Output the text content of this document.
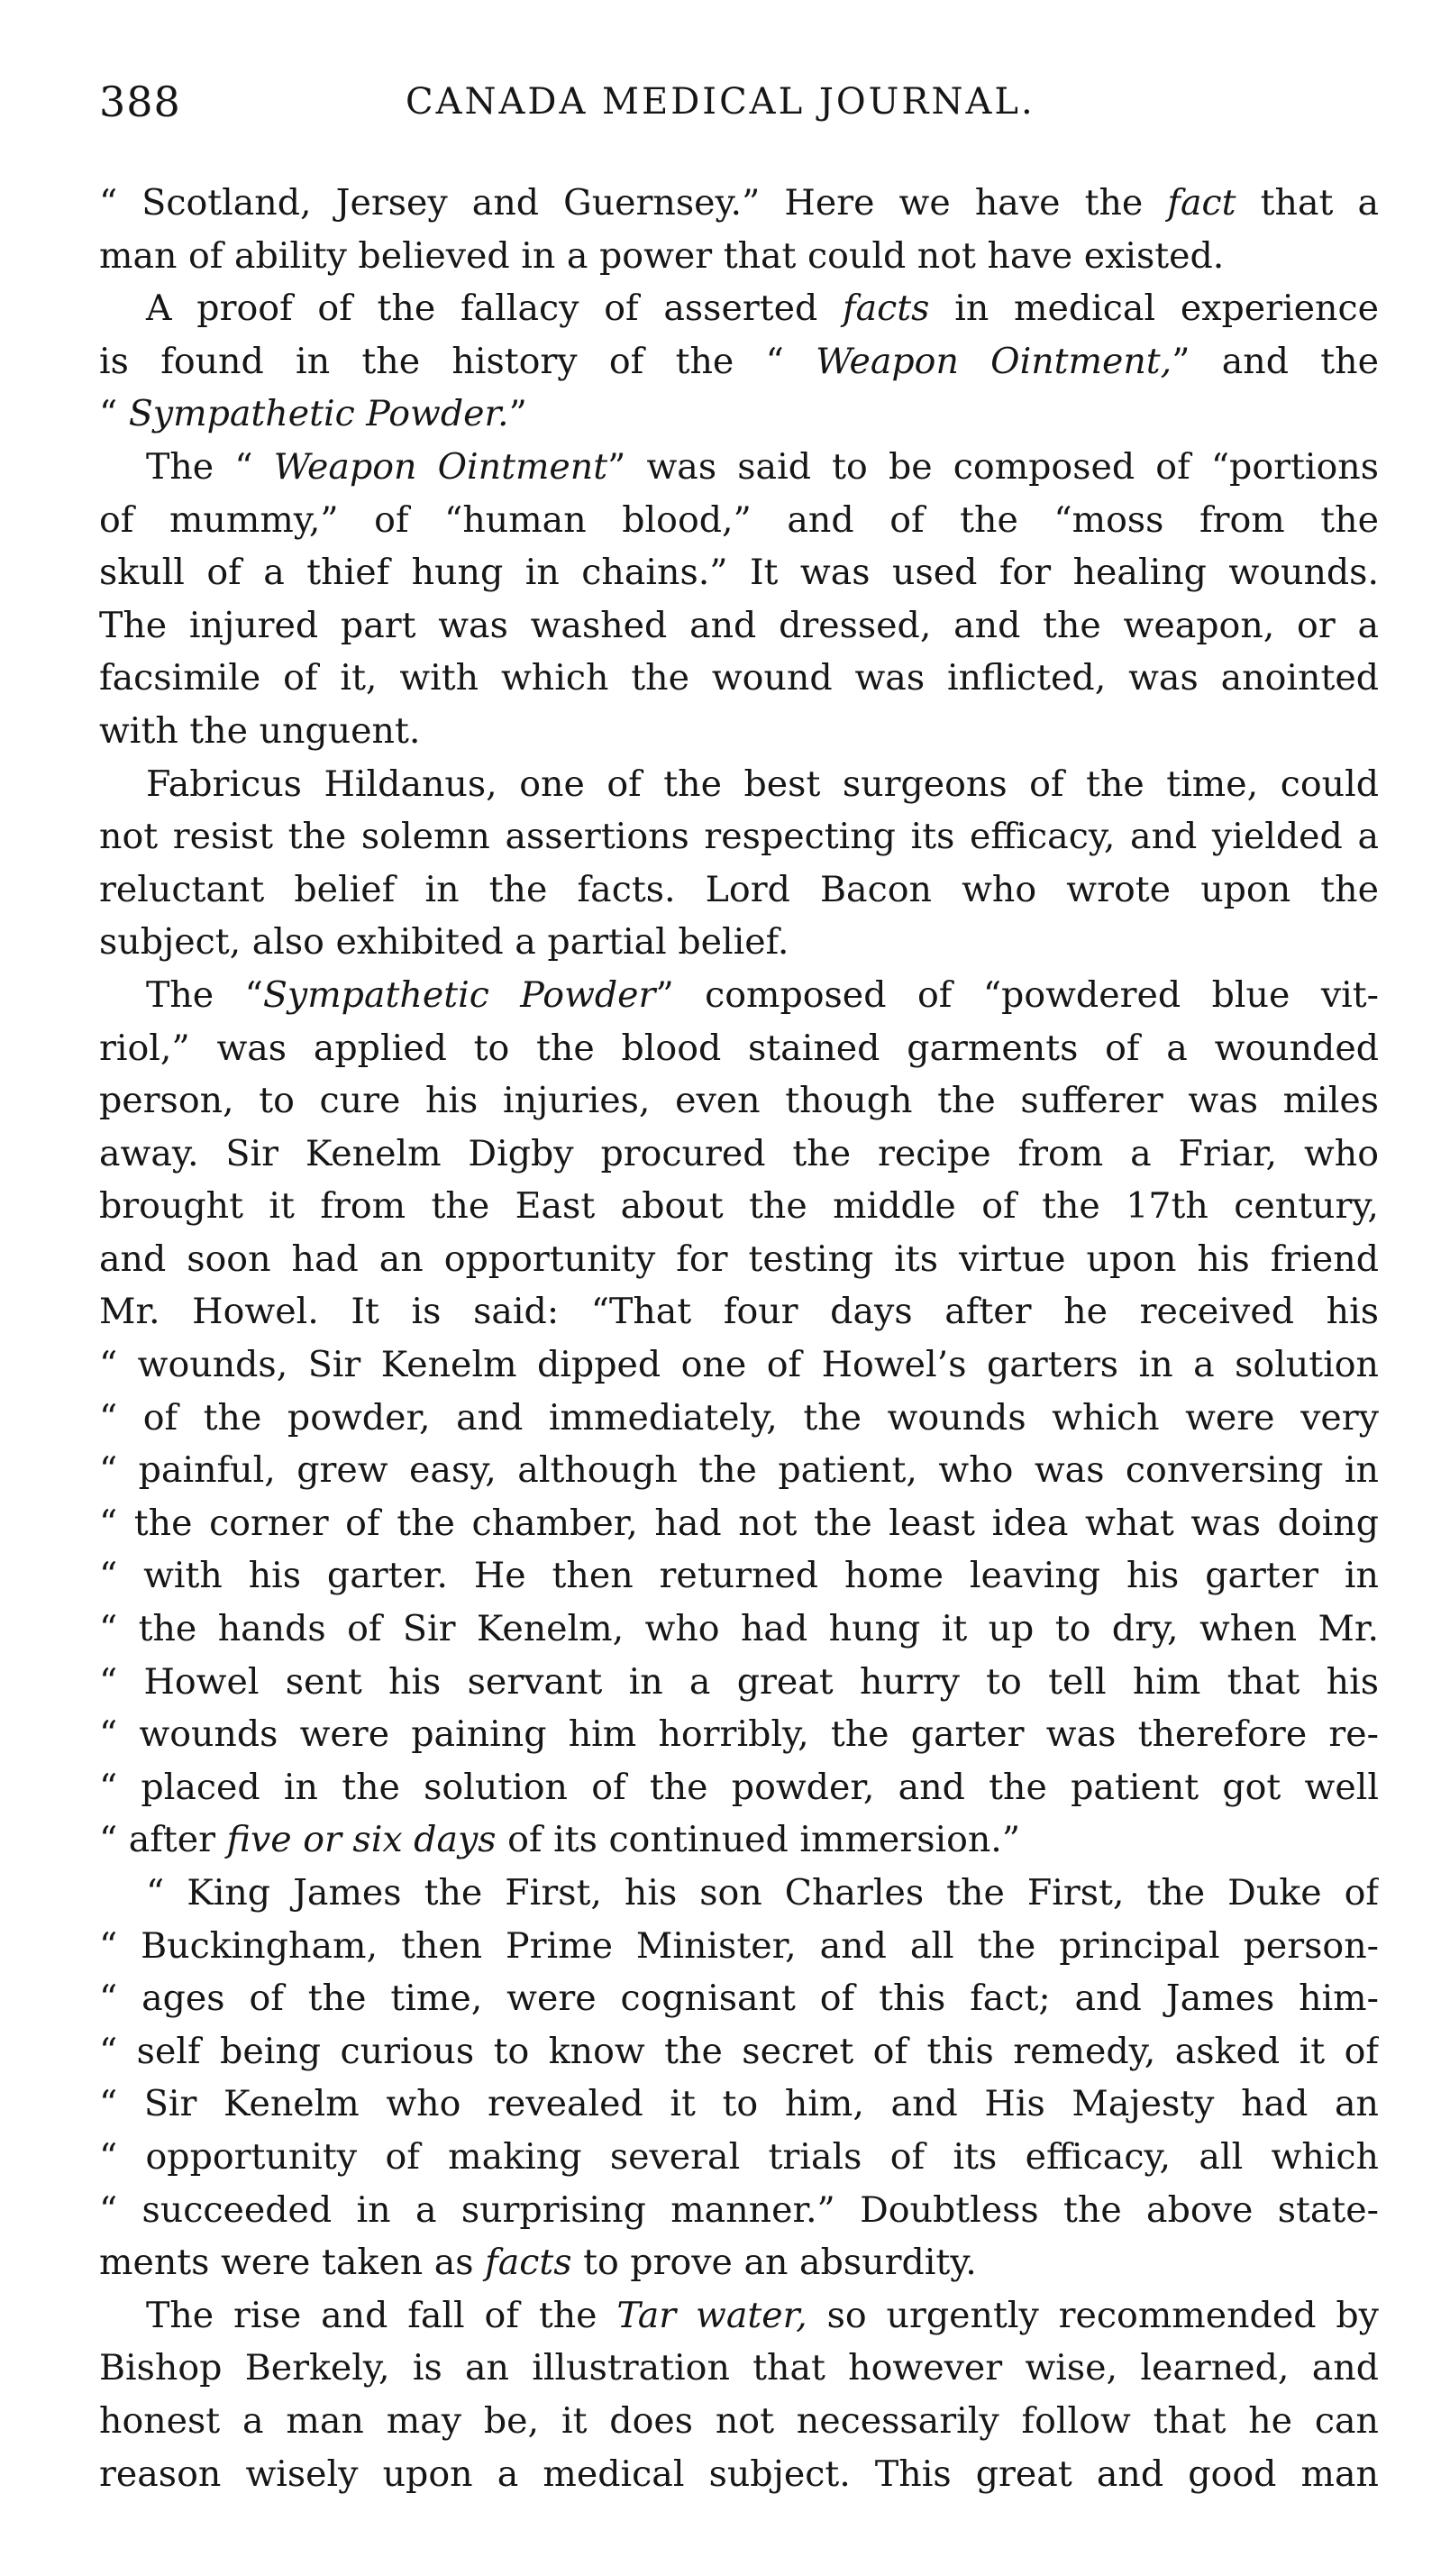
388	CANADA MEDICAL JOURNAL.
“ Scotland, Jersey and Guernsey.” Here we have the fact that a
man of ability believed in a power that could not have existed.
A proof of the fallacy of asserted facts in medical experience
is found in the history of the “ Weapon Ointment,” and the
“ Sympathetic Powder.”
The “ Weapon Ointment” was said to be composed of “portions
of mummy,” of “human blood,” and of the “moss from the
skull of a thief hung in chains.” It was used for healing wounds.
The injured part was washed and dressed, and the weapon, or a
facsimile of it, with which the wound was inflicted, was anointed
with the unguent.
Fabricus Hildanus, one of the best surgeons of the time, could
not resist the solemn assertions respecting its efficacy, and yielded a
reluctant belief in the facts. Lord Bacon who wrote upon the
subject, also exhibited a partial belief.
The “Sympathetic Powder” composed of “powdered blue vit-
riol,” was applied to the blood stained garments of a wounded
person, to cure his injuries, even though the sufferer was miles
away. Sir Kenelm Digby procured the recipe from a Friar, who
brought it from the East about the middle of the 17th century,
and soon had an opportunity for testing its virtue upon his friend
Mr. Howel. It is said: “That four days after he received his
“ wounds, Sir Kenelm dipped one of Howel’s garters in a solution
“ of the powder, and immediately, the wounds which were very
“ painful, grew easy, although the patient, who was conversing in
“ the corner of the chamber, had not the least idea what was doing
“ with his garter. He then returned home leaving his garter in
“ the hands of Sir Kenelm, who had hung it up to dry, when Mr.
“ Howel sent his servant in a great hurry to tell him that his
“ wounds were paining him horribly, the garter was therefore re-
“ placed in the solution of the powder, and the patient got well
“ after five or six days of its continued immersion.”
“ King James the First, his son Charles the First, the Duke of
“ Buckingham, then Prime Minister, and all the principal person-
“ ages of the time, were cognisant of this fact; and James him-
“ self being curious to know the secret of this remedy, asked it of
“ Sir Kenelm who revealed it to him, and His Majesty had an
“ opportunity of making several trials of its efficacy, all which
“ succeeded in a surprising manner.” Doubtless the above state-
ments were taken as facts to prove an absurdity.
The rise and fall of the Tar water, so urgently recommended by
Bishop Berkely, is an illustration that however wise, learned, and
honest a man may be, it does not necessarily follow that he can
reason wisely upon a medical subject. This great and good man
